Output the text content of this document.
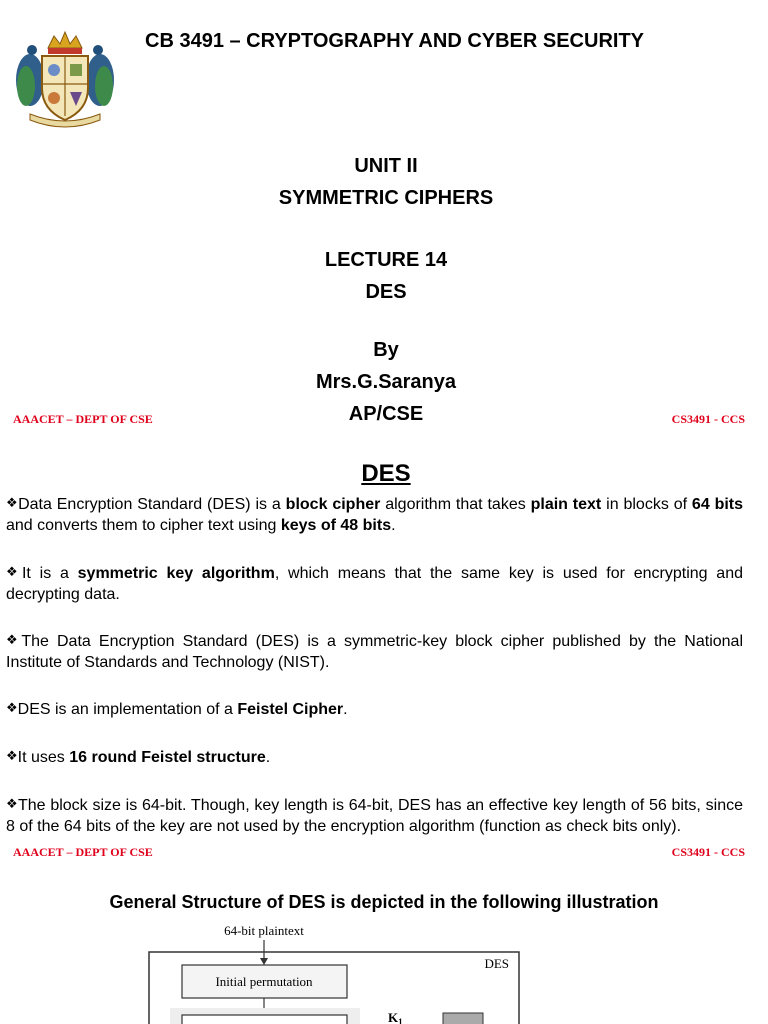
CB 3491 – CRYPTOGRAPHY AND CYBER SECURITY
UNIT II
SYMMETRIC CIPHERS
LECTURE 14
DES
By
Mrs.G.Saranya
AP/CSE
AAACET – DEPT OF CSE	CS3491 - CCS
DES
❖Data Encryption Standard (DES) is a block cipher algorithm that takes plain text in blocks of 64 bits and converts them to cipher text using keys of 48 bits.
❖It is a symmetric key algorithm, which means that the same key is used for encrypting and decrypting data.
❖The Data Encryption Standard (DES) is a symmetric-key block cipher published by the National Institute of Standards and Technology (NIST).
❖DES is an implementation of a Feistel Cipher.
❖It uses 16 round Feistel structure.
❖The block size is 64-bit. Though, key length is 64-bit, DES has an effective key length of 56 bits, since 8 of the 64 bits of the key are not used by the encryption algorithm (function as check bits only).
AAACET – DEPT OF CSE	CS3491 - CCS
General Structure of DES is depicted in the following illustration
64-bit plaintext
DES
Initial permutation
$K_1$
